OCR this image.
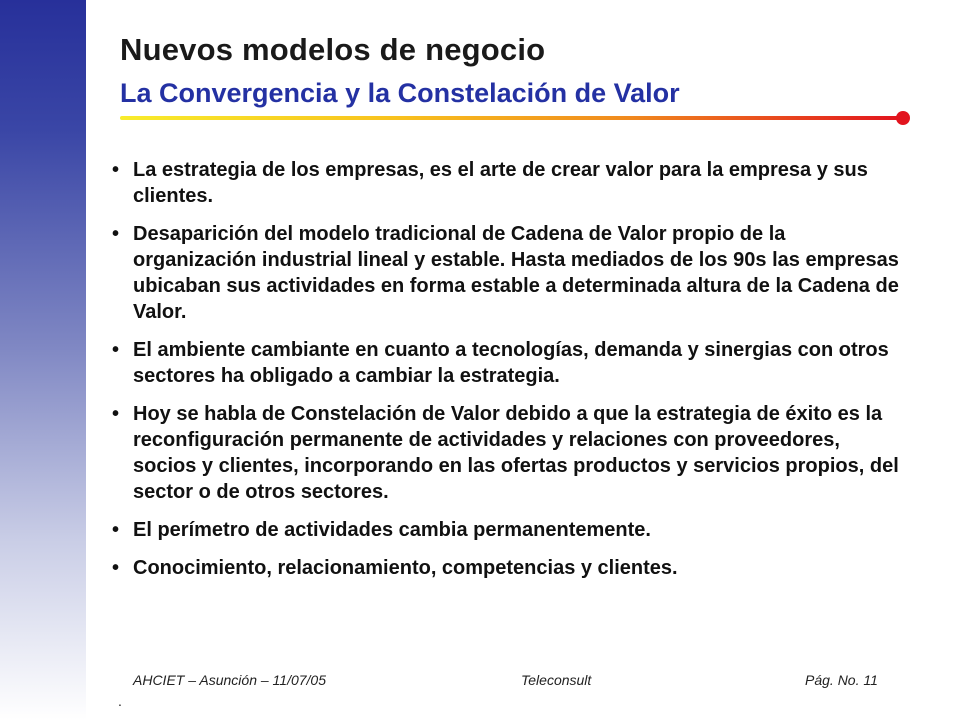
Nuevos modelos de negocio
La Convergencia y la Constelación de Valor
• La estrategia de los empresas, es el arte de crear valor para la empresa y sus clientes.
• Desaparición del modelo tradicional de Cadena de Valor propio de la organización industrial lineal y estable. Hasta mediados de los 90s las empresas ubicaban sus actividades en forma estable a determinada altura de la Cadena de Valor.
• El ambiente cambiante en cuanto a tecnologías, demanda y sinergias con otros sectores ha obligado a cambiar la estrategia.
• Hoy se habla de Constelación de Valor debido a que la estrategia de éxito es la reconfiguración permanente de actividades y relaciones con proveedores, socios y clientes, incorporando en las ofertas productos y servicios propios, del sector o de otros sectores.
• El perímetro de actividades cambia permanentemente.
• Conocimiento, relacionamiento, competencias y clientes.
AHCIET – Asunción – 11/07/05	Teleconsult	Pág. No. 11
.
